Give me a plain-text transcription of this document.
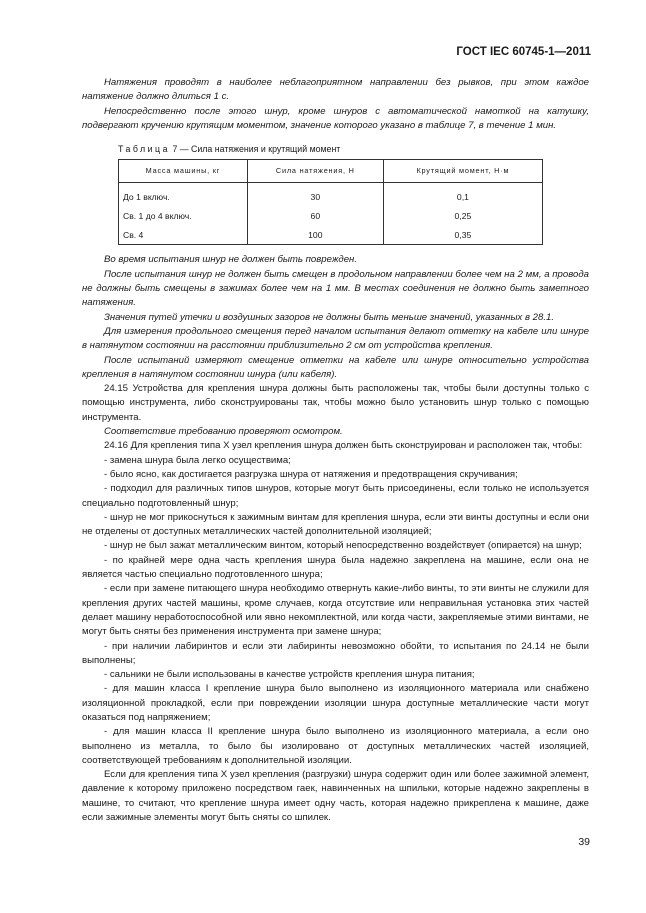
ГОСТ IEC 60745-1—2011

Натяжения проводят в наиболее неблагоприятном направлении без рывков, при этом каждое натяжение должно длиться 1 с.

Непосредственно после этого шнур, кроме шнуров с автоматической намоткой на катушку, подвергают кручению крутящим моментом, значение которого указано в таблице 7, в течение 1 мин.

Таблица 7 — Сила натяжения и крутящий момент
Масса машины, кг	Сила натяжения, Н	Крутящий момент, Н·м
До 1 включ.	30	0,1
Св. 1 до 4 включ.	60	0,25
Св. 4	100	0,35

Во время испытания шнур не должен быть поврежден.

После испытания шнур не должен быть смещен в продольном направлении более чем на 2 мм, а провода не должны быть смещены в зажимах более чем на 1 мм. В местах соединения не должно быть заметного натяжения.

Значения путей утечки и воздушных зазоров не должны быть меньше значений, указанных в 28.1.

Для измерения продольного смещения перед началом испытания делают отметку на кабеле или шнуре в натянутом состоянии на расстоянии приблизительно 2 см от устройства крепления.

После испытаний измеряют смещение отметки на кабеле или шнуре относительно устройства крепления в натянутом состоянии шнура (или кабеля).

24.15 Устройства для крепления шнура должны быть расположены так, чтобы были доступны только с помощью инструмента, либо сконструированы так, чтобы можно было установить шнур только с помощью инструмента.

Соответствие требованию проверяют осмотром.

24.16 Для крепления типа X узел крепления шнура должен быть сконструирован и расположен так, чтобы:

- замена шнура была легко осуществима;

- было ясно, как достигается разгрузка шнура от натяжения и предотвращения скручивания;

- подходил для различных типов шнуров, которые могут быть присоединены, если только не используется специально подготовленный шнур;

- шнур не мог прикоснуться к зажимным винтам для крепления шнура, если эти винты доступны и если они не отделены от доступных металлических частей дополнительной изоляцией;

- шнур не был зажат металлическим винтом, который непосредственно воздействует (опирается) на шнур;

- по крайней мере одна часть крепления шнура была надежно закреплена на машине, если она не является частью специально подготовленного шнура;

- если при замене питающего шнура необходимо отвернуть какие-либо винты, то эти винты не служили для крепления других частей машины, кроме случаев, когда отсутствие или неправильная установка этих частей делает машину неработоспособной или явно некомплектной, или когда части, закрепляемые этими винтами, не могут быть сняты без применения инструмента при замене шнура;

- при наличии лабиринтов и если эти лабиринты невозможно обойти, то испытания по 24.14 не были выполнены;

- сальники не были использованы в качестве устройств крепления шнура питания;

- для машин класса I крепление шнура было выполнено из изоляционного материала или снабжено изоляционной прокладкой, если при повреждении изоляции шнура доступные металлические части могут оказаться под напряжением;

- для машин класса II крепление шнура было выполнено из изоляционного материала, а если оно выполнено из металла, то было бы изолировано от доступных металлических частей изоляцией, соответствующей требованиям к дополнительной изоляции.

Если для крепления типа X узел крепления (разгрузки) шнура содержит один или более зажимной элемент, давление к которому приложено посредством гаек, навинченных на шпильки, которые надежно закреплены в машине, то считают, что крепление шнура имеет одну часть, которая надежно прикреплена к машине, даже если зажимные элементы могут быть сняты со шпилек.

39
